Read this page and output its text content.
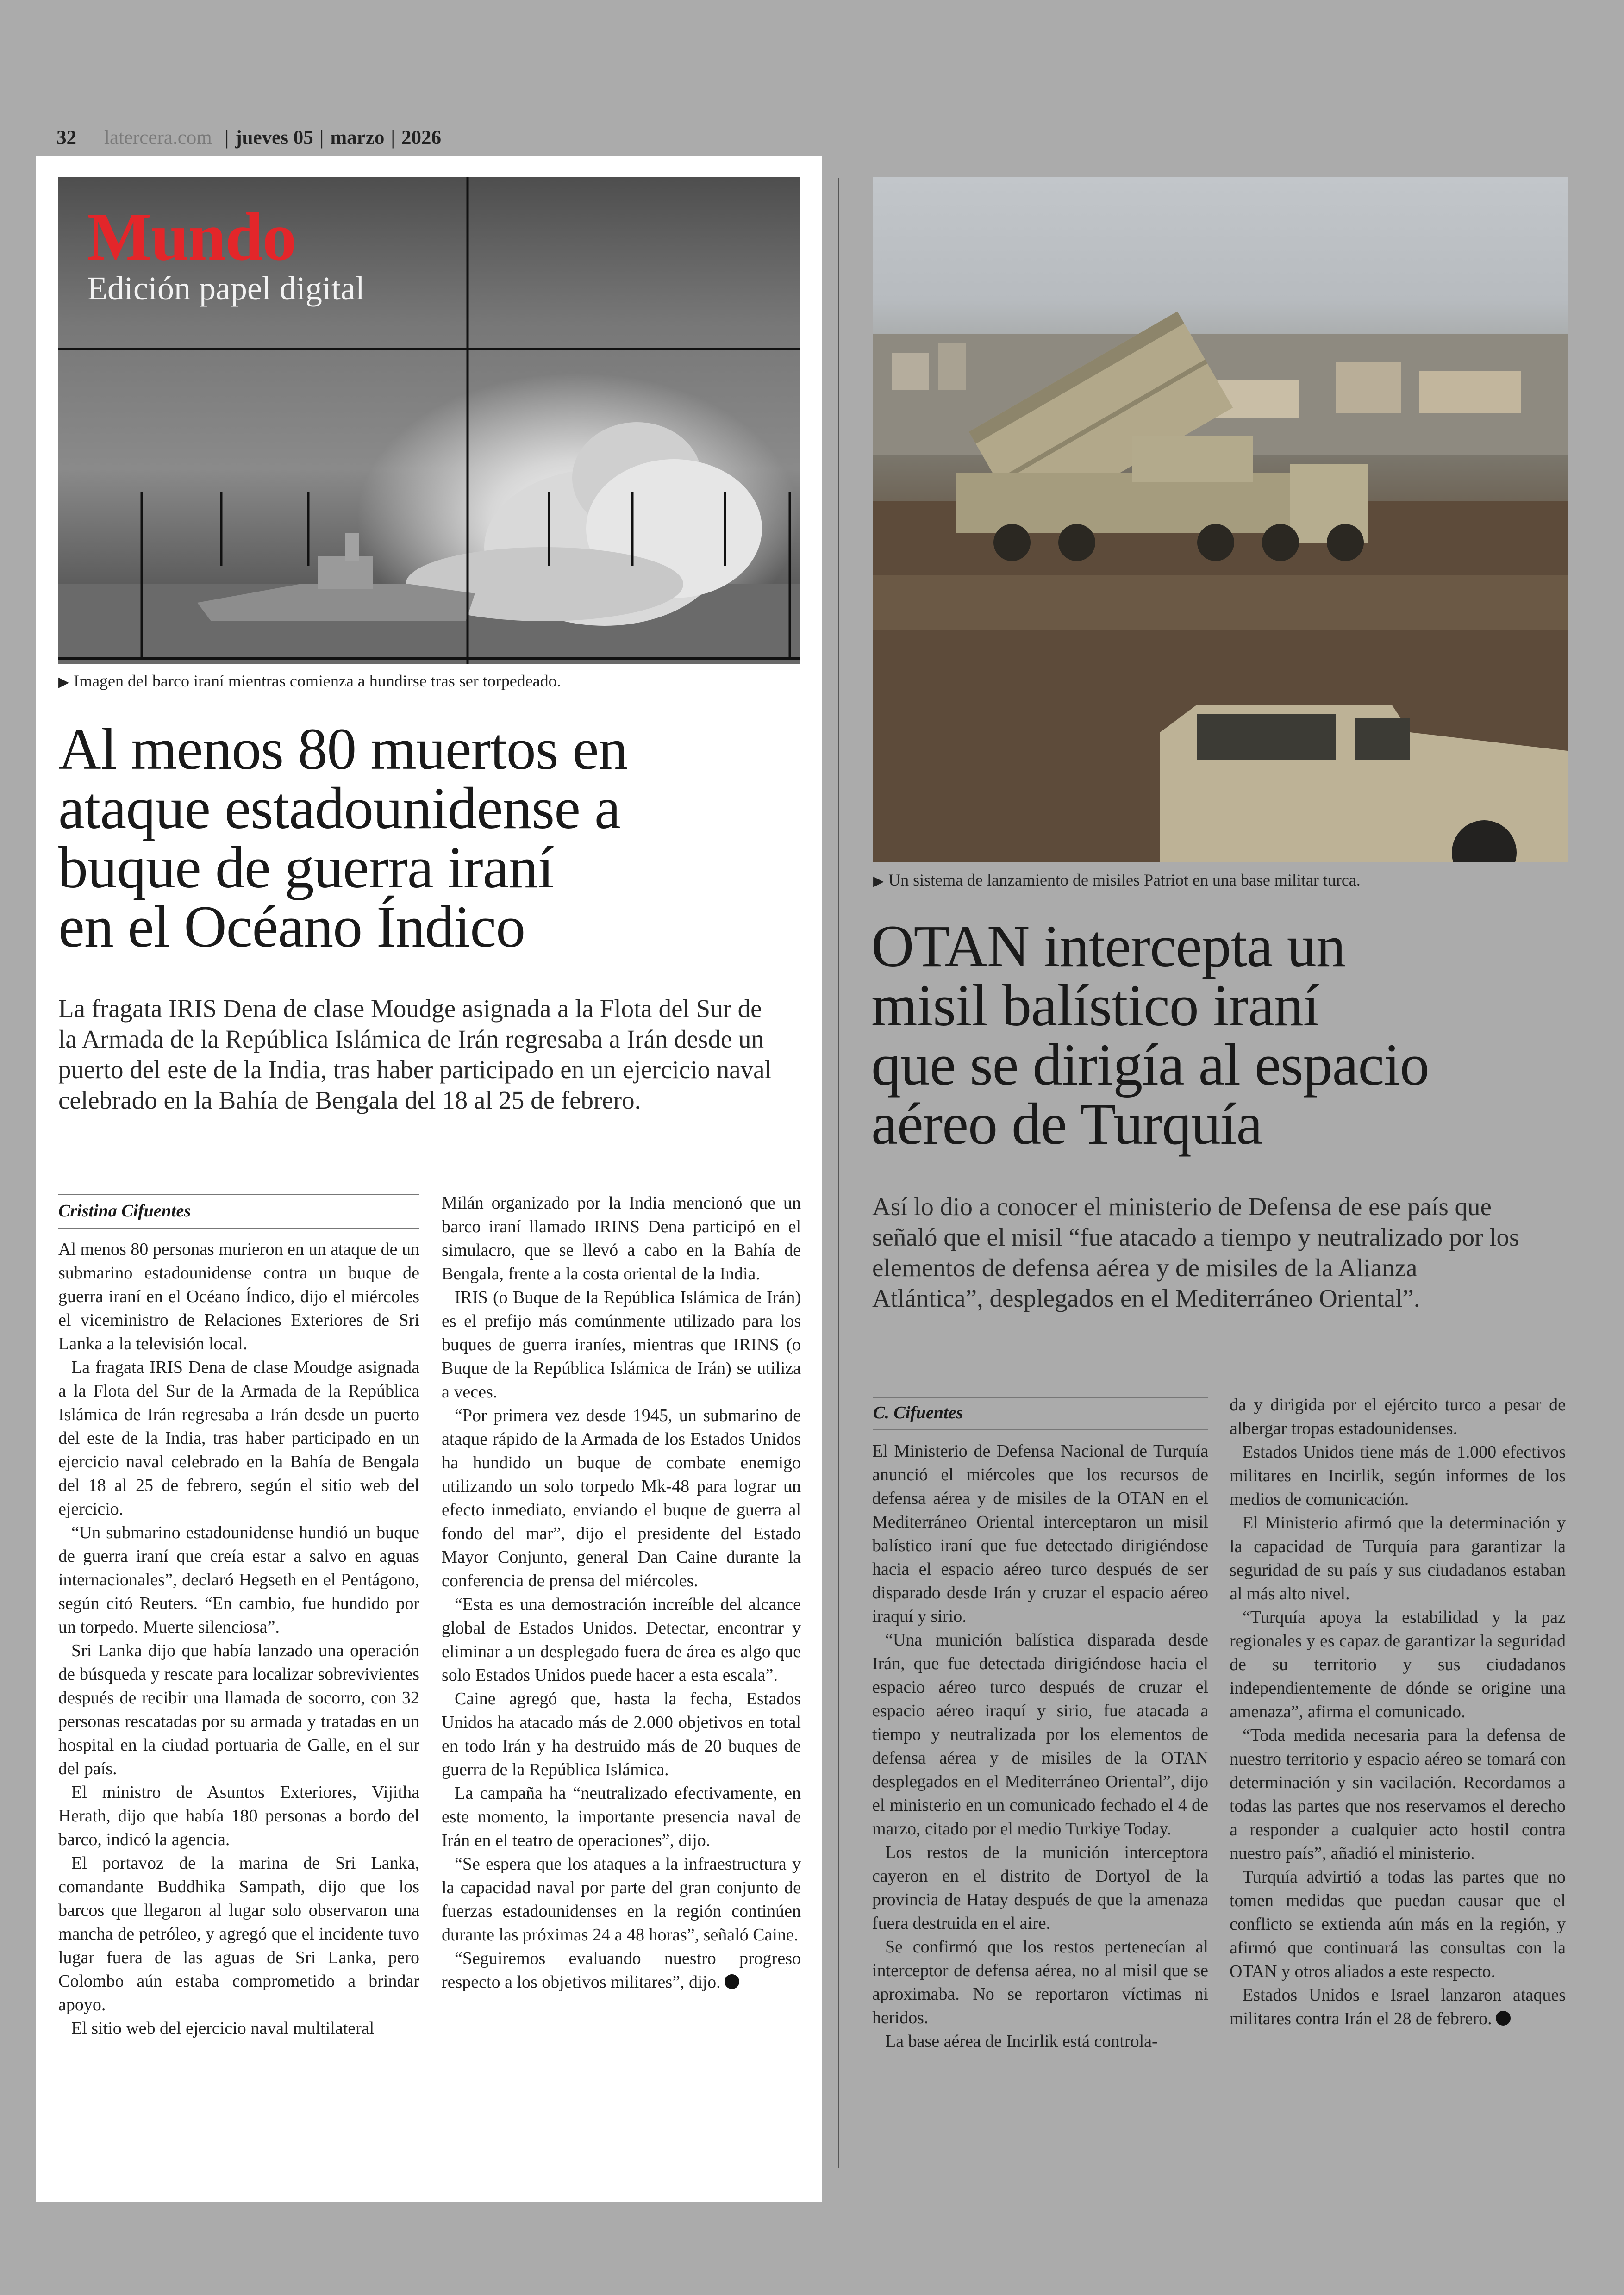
32 latercera.com | jueves 05 | marzo | 2026
Mundo
Edición papel digital
▶ Imagen del barco iraní mientras comienza a hundirse tras ser torpedeado.
Al menos 80 muertos en
ataque estadounidense a
buque de guerra iraní
en el Océano Índico

La fragata IRIS Dena de clase Moudge asignada a la Flota del Sur de la Armada de la República Islámica de Irán regresaba a Irán desde un puerto del este de la India, tras haber participado en un ejercicio naval celebrado en la Bahía de Bengala del 18 al 25 de febrero.

Cristina Cifuentes

Al menos 80 personas murieron en un ataque de un submarino estadounidense contra un buque de guerra iraní en el Océano Índico, dijo el miércoles el viceministro de Relaciones Exteriores de Sri Lanka a la televisión local.

La fragata IRIS Dena de clase Moudge asignada a la Flota del Sur de la Armada de la República Islámica de Irán regresaba a Irán desde un puerto del este de la India, tras haber participado en un ejercicio naval celebrado en la Bahía de Bengala del 18 al 25 de febrero, según el sitio web del ejercicio.

“Un submarino estadounidense hundió un buque de guerra iraní que creía estar a salvo en aguas internacionales”, declaró Hegseth en el Pentágono, según citó Reuters. “En cambio, fue hundido por un torpedo. Muerte silenciosa”.

Sri Lanka dijo que había lanzado una operación de búsqueda y rescate para localizar sobrevivientes después de recibir una llamada de socorro, con 32 personas rescatadas por su armada y tratadas en un hospital en la ciudad portuaria de Galle, en el sur del país.

El ministro de Asuntos Exteriores, Vijitha Herath, dijo que había 180 personas a bordo del barco, indicó la agencia.

El portavoz de la marina de Sri Lanka, comandante Buddhika Sampath, dijo que los barcos que llegaron al lugar solo observaron una mancha de petróleo, y agregó que el incidente tuvo lugar fuera de las aguas de Sri Lanka, pero Colombo aún estaba comprometido a brindar apoyo.

El sitio web del ejercicio naval multilateral

Milán organizado por la India mencionó que un barco iraní llamado IRINS Dena participó en el simulacro, que se llevó a cabo en la Bahía de Bengala, frente a la costa oriental de la India.

IRIS (o Buque de la República Islámica de Irán) es el prefijo más comúnmente utilizado para los buques de guerra iraníes, mientras que IRINS (o Buque de la República Islámica de Irán) se utiliza a veces.

“Por primera vez desde 1945, un submarino de ataque rápido de la Armada de los Estados Unidos ha hundido un buque de combate enemigo utilizando un solo torpedo Mk-48 para lograr un efecto inmediato, enviando el buque de guerra al fondo del mar”, dijo el presidente del Estado Mayor Conjunto, general Dan Caine durante la conferencia de prensa del miércoles.

“Esta es una demostración increíble del alcance global de Estados Unidos. Detectar, encontrar y eliminar a un desplegado fuera de área es algo que solo Estados Unidos puede hacer a esta escala”.

Caine agregó que, hasta la fecha, Estados Unidos ha atacado más de 2.000 objetivos en total en todo Irán y ha destruido más de 20 buques de guerra de la República Islámica.

La campaña ha “neutralizado efectivamente, en este momento, la importante presencia naval de Irán en el teatro de operaciones”, dijo.

“Se espera que los ataques a la infraestructura y la capacidad naval por parte del gran conjunto de fuerzas estadounidenses en la región continúen durante las próximas 24 a 48 horas”, señaló Caine.

“Seguiremos evaluando nuestro progreso respecto a los objetivos militares”, dijo.

▶ Un sistema de lanzamiento de misiles Patriot en una base militar turca.
OTAN intercepta un
misil balístico iraní
que se dirigía al espacio
aéreo de Turquía

Así lo dio a conocer el ministerio de Defensa de ese país que señaló que el misil “fue atacado a tiempo y neutralizado por los elementos de defensa aérea y de misiles de la Alianza Atlántica”, desplegados en el Mediterráneo Oriental”.

C. Cifuentes

El Ministerio de Defensa Nacional de Turquía anunció el miércoles que los recursos de defensa aérea y de misiles de la OTAN en el Mediterráneo Oriental interceptaron un misil balístico iraní que fue detectado dirigiéndose hacia el espacio aéreo turco después de ser disparado desde Irán y cruzar el espacio aéreo iraquí y sirio.

“Una munición balística disparada desde Irán, que fue detectada dirigiéndose hacia el espacio aéreo turco después de cruzar el espacio aéreo iraquí y sirio, fue atacada a tiempo y neutralizada por los elementos de defensa aérea y de misiles de la OTAN desplegados en el Mediterráneo Oriental”, dijo el ministerio en un comunicado fechado el 4 de marzo, citado por el medio Turkiye Today.

Los restos de la munición interceptora cayeron en el distrito de Dortyol de la provincia de Hatay después de que la amenaza fuera destruida en el aire.

Se confirmó que los restos pertenecían al interceptor de defensa aérea, no al misil que se aproximaba. No se reportaron víctimas ni heridos.

La base aérea de Incirlik está controla-

da y dirigida por el ejército turco a pesar de albergar tropas estadounidenses.

Estados Unidos tiene más de 1.000 efectivos militares en Incirlik, según informes de los medios de comunicación.

El Ministerio afirmó que la determinación y la capacidad de Turquía para garantizar la seguridad de su país y sus ciudadanos estaban al más alto nivel.

“Turquía apoya la estabilidad y la paz regionales y es capaz de garantizar la seguridad de su territorio y sus ciudadanos independientemente de dónde se origine una amenaza”, afirma el comunicado.

“Toda medida necesaria para la defensa de nuestro territorio y espacio aéreo se tomará con determinación y sin vacilación. Recordamos a todas las partes que nos reservamos el derecho a responder a cualquier acto hostil contra nuestro país”, añadió el ministerio.

Turquía advirtió a todas las partes que no tomen medidas que puedan causar que el conflicto se extienda aún más en la región, y afirmó que continuará las consultas con la OTAN y otros aliados a este respecto.

Estados Unidos e Israel lanzaron ataques militares contra Irán el 28 de febrero.
